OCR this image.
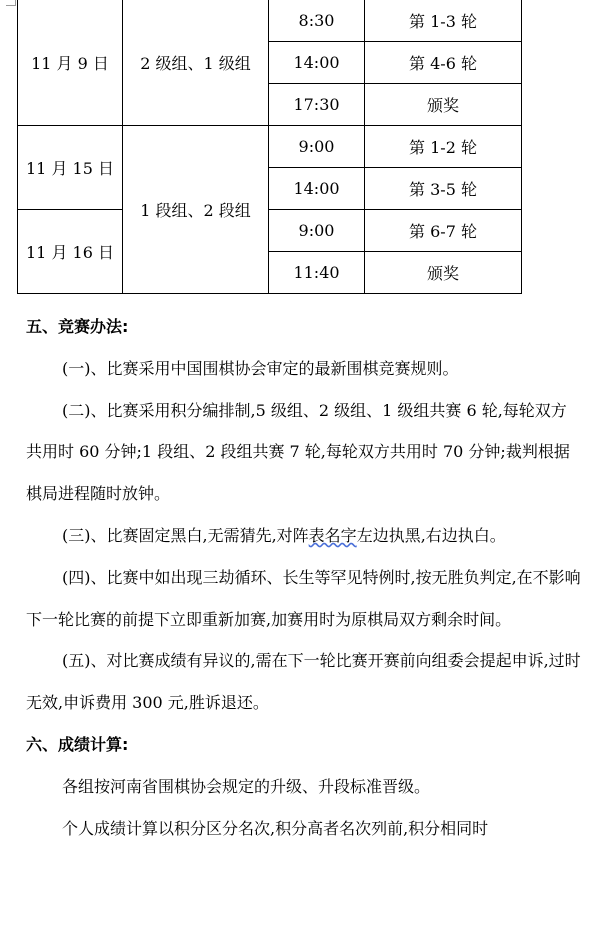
11 月 9 日	2 级组、1 级组	8:30	第 1-3 轮
		14:00	第 4-6 轮
		17:30	颁奖
11 月 15 日	1 段组、2 段组	9:00	第 1-2 轮
		14:00	第 3-5 轮
11 月 16 日		9:00	第 6-7 轮
		11:40	颁奖
五、竞赛办法:
(一)、比赛采用中国围棋协会审定的最新围棋竞赛规则。
(二)、比赛采用积分编排制,5 级组、2 级组、1 级组共赛 6 轮,每轮双方共用时 60 分钟;1 段组、2 段组共赛 7 轮,每轮双方共用时 70 分钟;裁判根据棋局进程随时放钟。
(三)、比赛固定黑白,无需猜先,对阵表名字左边执黑,右边执白。
(四)、比赛中如出现三劫循环、长生等罕见特例时,按无胜负判定,在不影响下一轮比赛的前提下立即重新加赛,加赛用时为原棋局双方剩余时间。
(五)、对比赛成绩有异议的,需在下一轮比赛开赛前向组委会提起申诉,过时无效,申诉费用 300 元,胜诉退还。
六、成绩计算:
各组按河南省围棋协会规定的升级、升段标准晋级。
个人成绩计算以积分区分名次,积分高者名次列前,积分相同时
